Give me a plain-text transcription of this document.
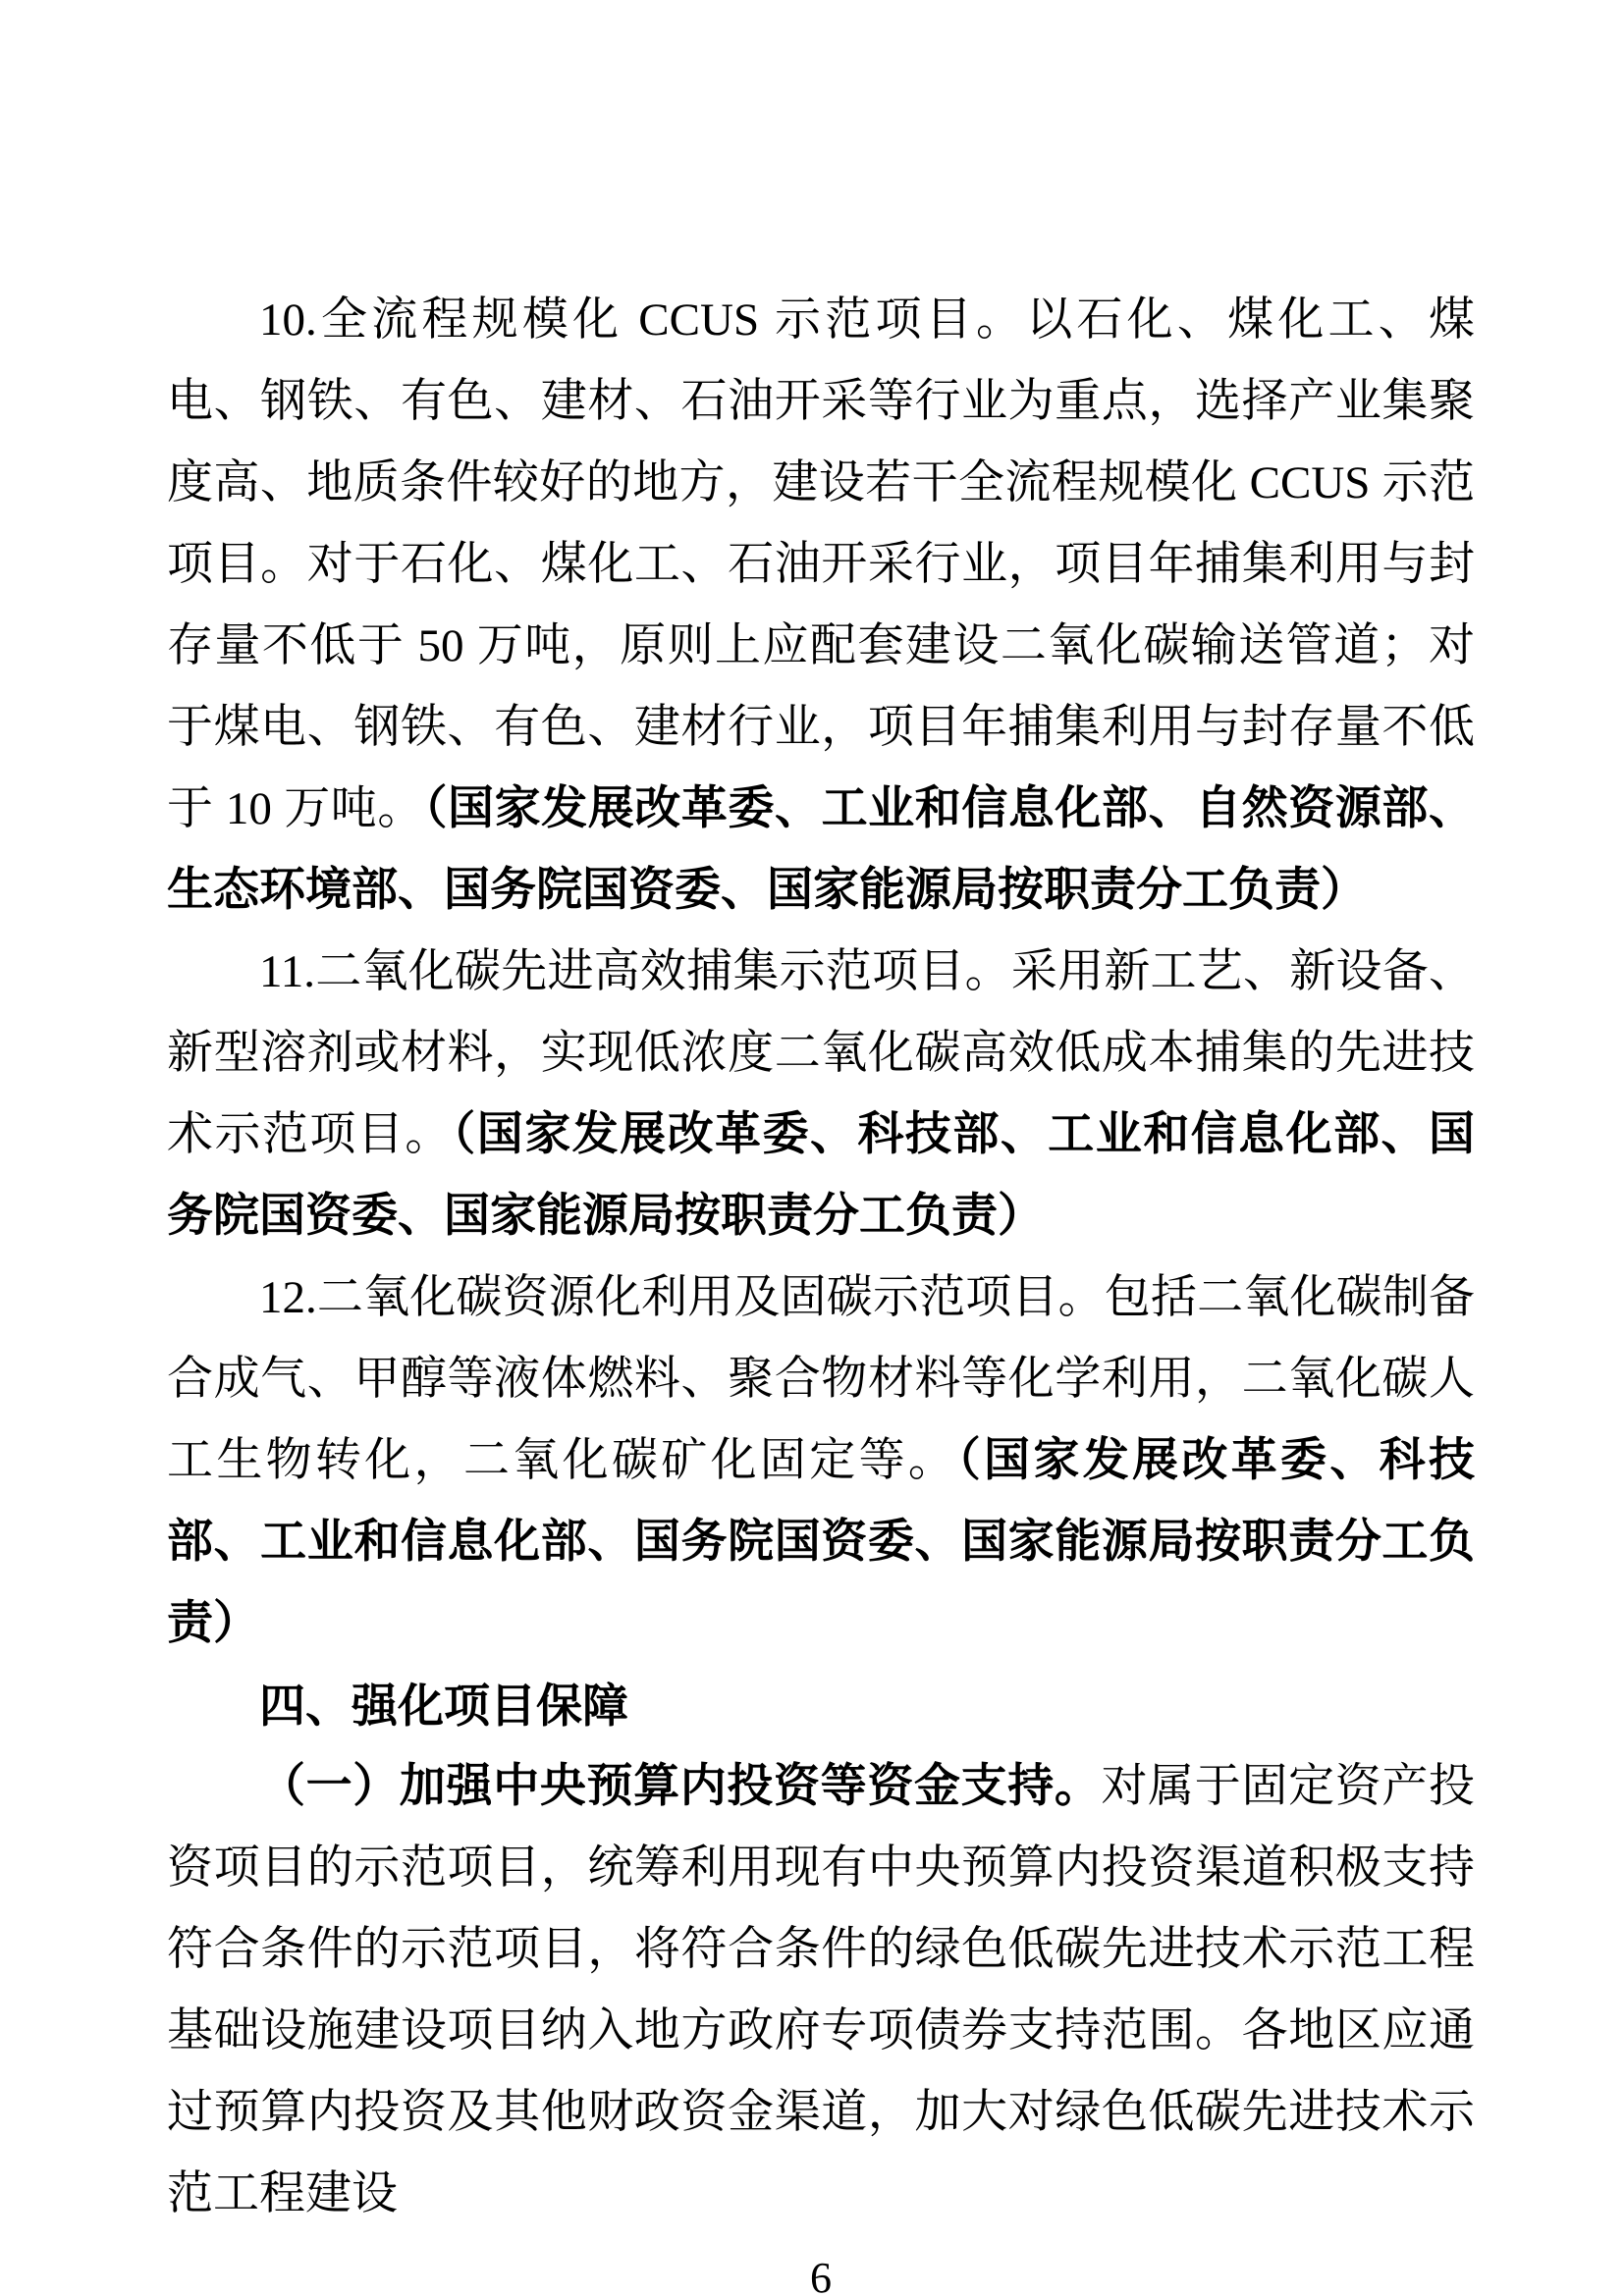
10.全流程规模化 CCUS 示范项目。以石化、煤化工、煤电、钢铁、有色、建材、石油开采等行业为重点，选择产业集聚度高、地质条件较好的地方，建设若干全流程规模化 CCUS 示范项目。对于石化、煤化工、石油开采行业，项目年捕集利用与封存量不低于 50 万吨，原则上应配套建设二氧化碳输送管道；对于煤电、钢铁、有色、建材行业，项目年捕集利用与封存量不低于 10 万吨。（国家发展改革委、工业和信息化部、自然资源部、生态环境部、国务院国资委、国家能源局按职责分工负责）

11.二氧化碳先进高效捕集示范项目。采用新工艺、新设备、新型溶剂或材料，实现低浓度二氧化碳高效低成本捕集的先进技术示范项目。（国家发展改革委、科技部、工业和信息化部、国务院国资委、国家能源局按职责分工负责）

12.二氧化碳资源化利用及固碳示范项目。包括二氧化碳制备合成气、甲醇等液体燃料、聚合物材料等化学利用，二氧化碳人工生物转化，二氧化碳矿化固定等。（国家发展改革委、科技部、工业和信息化部、国务院国资委、国家能源局按职责分工负责）

四、强化项目保障

（一）加强中央预算内投资等资金支持。对属于固定资产投资项目的示范项目，统筹利用现有中央预算内投资渠道积极支持符合条件的示范项目，将符合条件的绿色低碳先进技术示范工程基础设施建设项目纳入地方政府专项债券支持范围。各地区应通过预算内投资及其他财政资金渠道，加大对绿色低碳先进技术示范工程建设

6
